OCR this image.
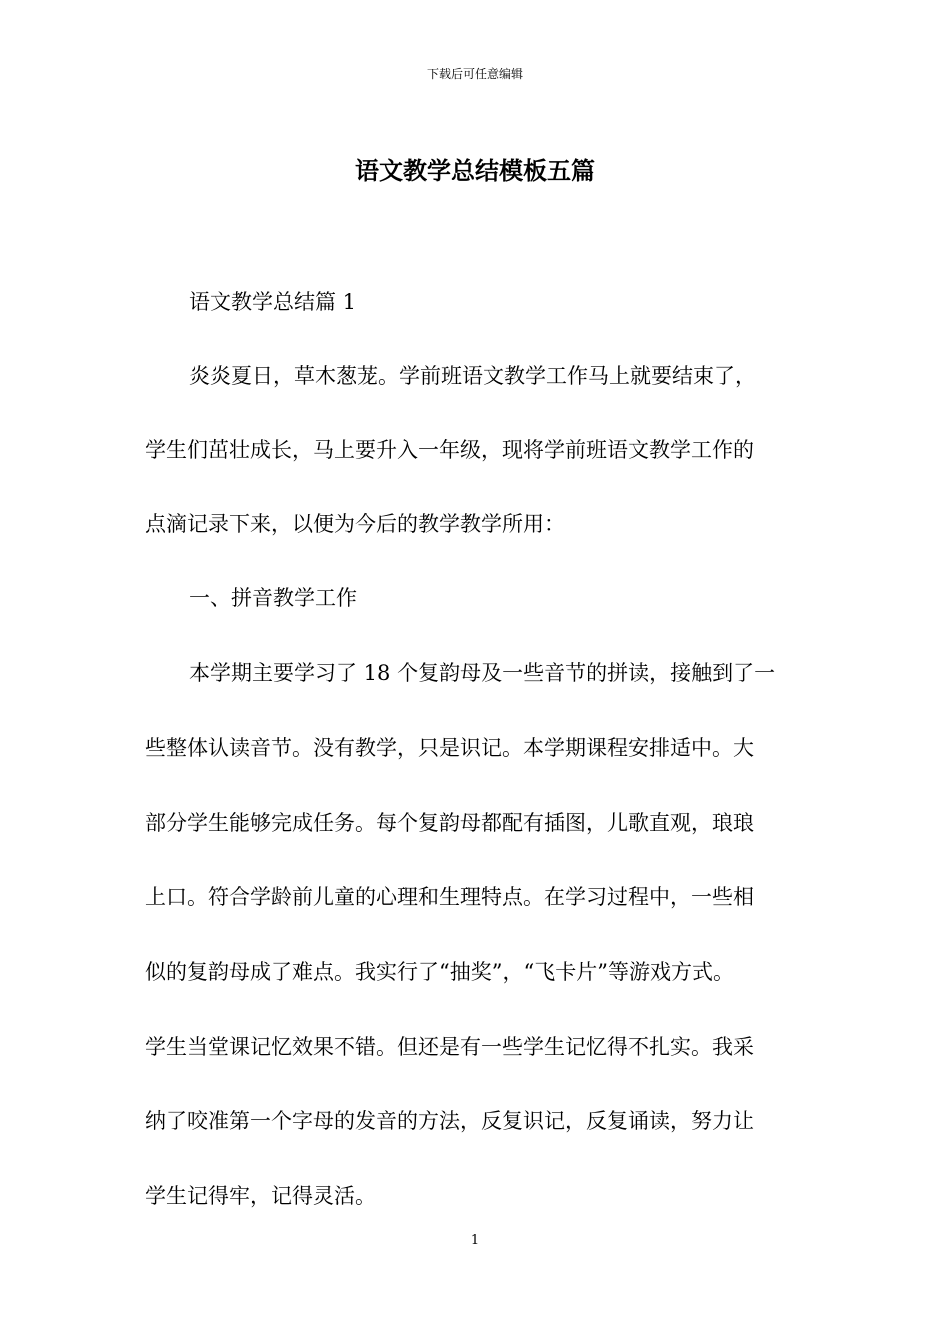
下载后可任意编辑
语文教学总结模板五篇
语文教学总结篇 1
炎炎夏日，草木葱茏。学前班语文教学工作马上就要结束了，
学生们茁壮成长，马上要升入一年级，现将学前班语文教学工作的
点滴记录下来，以便为今后的教学教学所用：
一、拼音教学工作
本学期主要学习了 18 个复韵母及一些音节的拼读，接触到了一
些整体认读音节。没有教学，只是识记。本学期课程安排适中。大
部分学生能够完成任务。每个复韵母都配有插图，儿歌直观，琅琅
上口。符合学龄前儿童的心理和生理特点。在学习过程中，一些相
似的复韵母成了难点。我实行了“抽奖”，“飞卡片”等游戏方式。
学生当堂课记忆效果不错。但还是有一些学生记忆得不扎实。我采
纳了咬准第一个字母的发音的方法，反复识记，反复诵读，努力让
学生记得牢，记得灵活。
1
